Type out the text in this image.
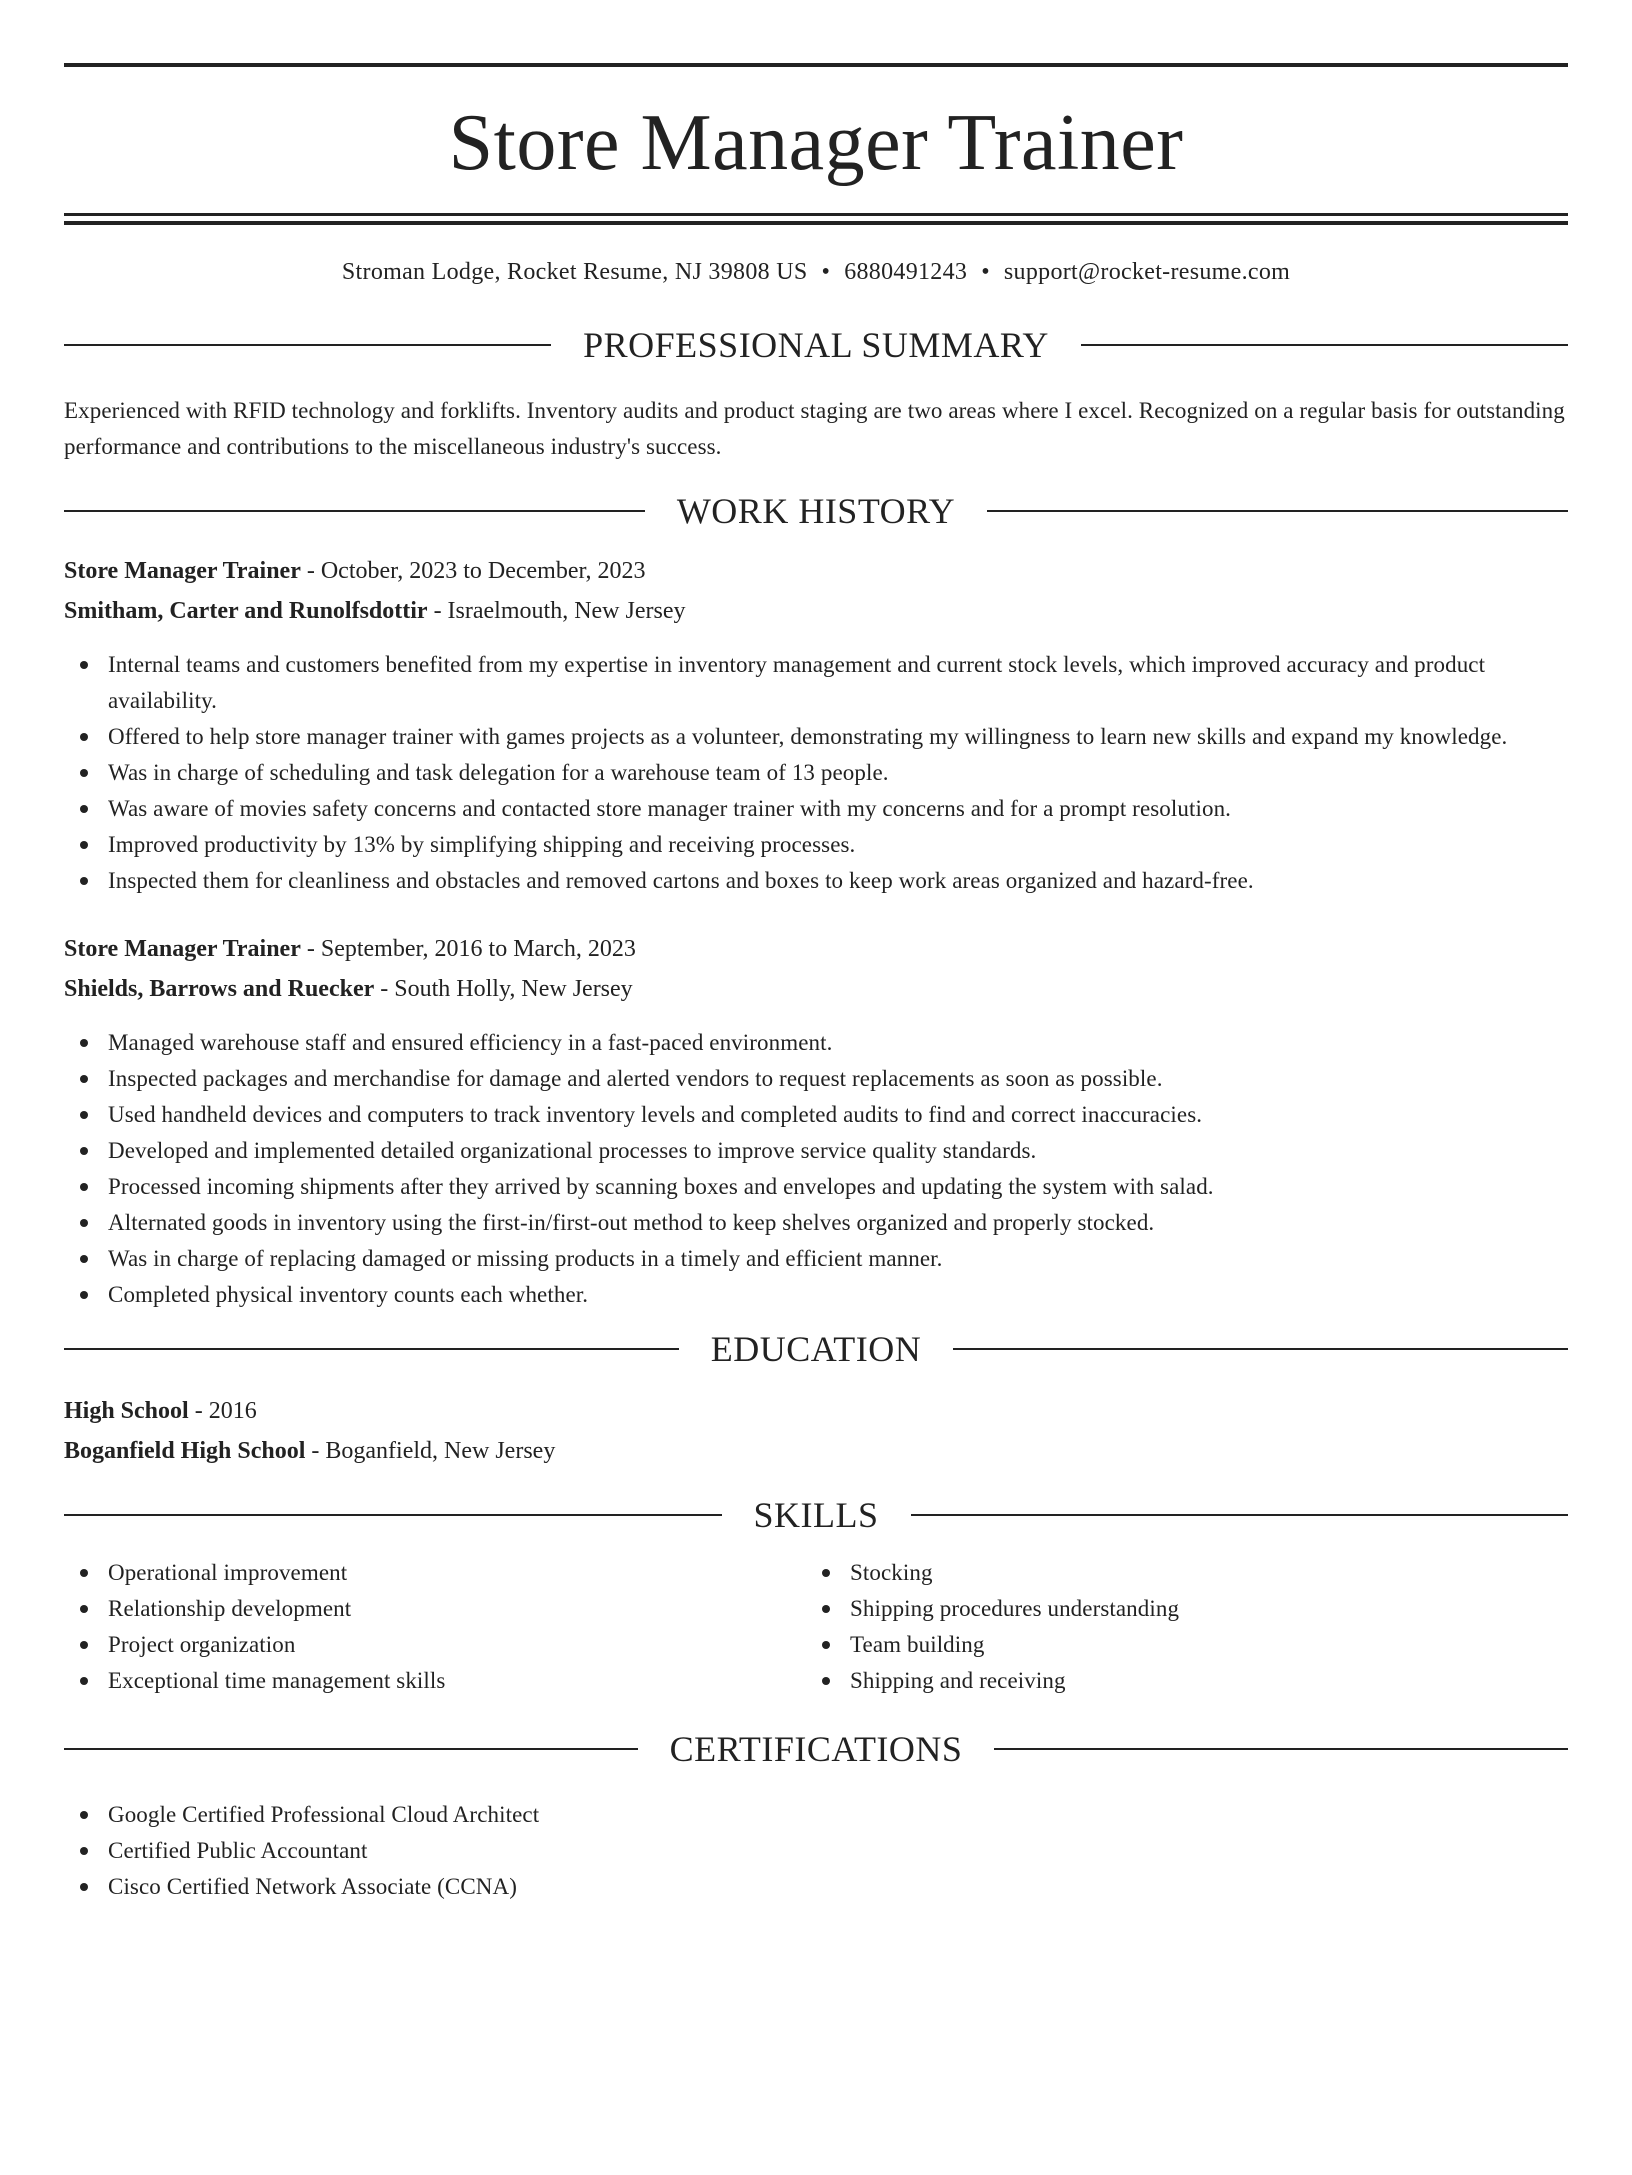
Store Manager Trainer
Stroman Lodge, Rocket Resume, NJ 39808 US • 6880491243 • support@rocket-resume.com
PROFESSIONAL SUMMARY
Experienced with RFID technology and forklifts. Inventory audits and product staging are two areas where I excel. Recognized on a regular basis for outstanding performance and contributions to the miscellaneous industry's success.
WORK HISTORY
Store Manager Trainer - October, 2023 to December, 2023
Smitham, Carter and Runolfsdottir - Israelmouth, New Jersey
Internal teams and customers benefited from my expertise in inventory management and current stock levels, which improved accuracy and product availability.
Offered to help store manager trainer with games projects as a volunteer, demonstrating my willingness to learn new skills and expand my knowledge.
Was in charge of scheduling and task delegation for a warehouse team of 13 people.
Was aware of movies safety concerns and contacted store manager trainer with my concerns and for a prompt resolution.
Improved productivity by 13% by simplifying shipping and receiving processes.
Inspected them for cleanliness and obstacles and removed cartons and boxes to keep work areas organized and hazard-free.
Store Manager Trainer - September, 2016 to March, 2023
Shields, Barrows and Ruecker - South Holly, New Jersey
Managed warehouse staff and ensured efficiency in a fast-paced environment.
Inspected packages and merchandise for damage and alerted vendors to request replacements as soon as possible.
Used handheld devices and computers to track inventory levels and completed audits to find and correct inaccuracies.
Developed and implemented detailed organizational processes to improve service quality standards.
Processed incoming shipments after they arrived by scanning boxes and envelopes and updating the system with salad.
Alternated goods in inventory using the first-in/first-out method to keep shelves organized and properly stocked.
Was in charge of replacing damaged or missing products in a timely and efficient manner.
Completed physical inventory counts each whether.
EDUCATION
High School - 2016
Boganfield High School - Boganfield, New Jersey
SKILLS
Operational improvement
Relationship development
Project organization
Exceptional time management skills
Stocking
Shipping procedures understanding
Team building
Shipping and receiving
CERTIFICATIONS
Google Certified Professional Cloud Architect
Certified Public Accountant
Cisco Certified Network Associate (CCNA)
